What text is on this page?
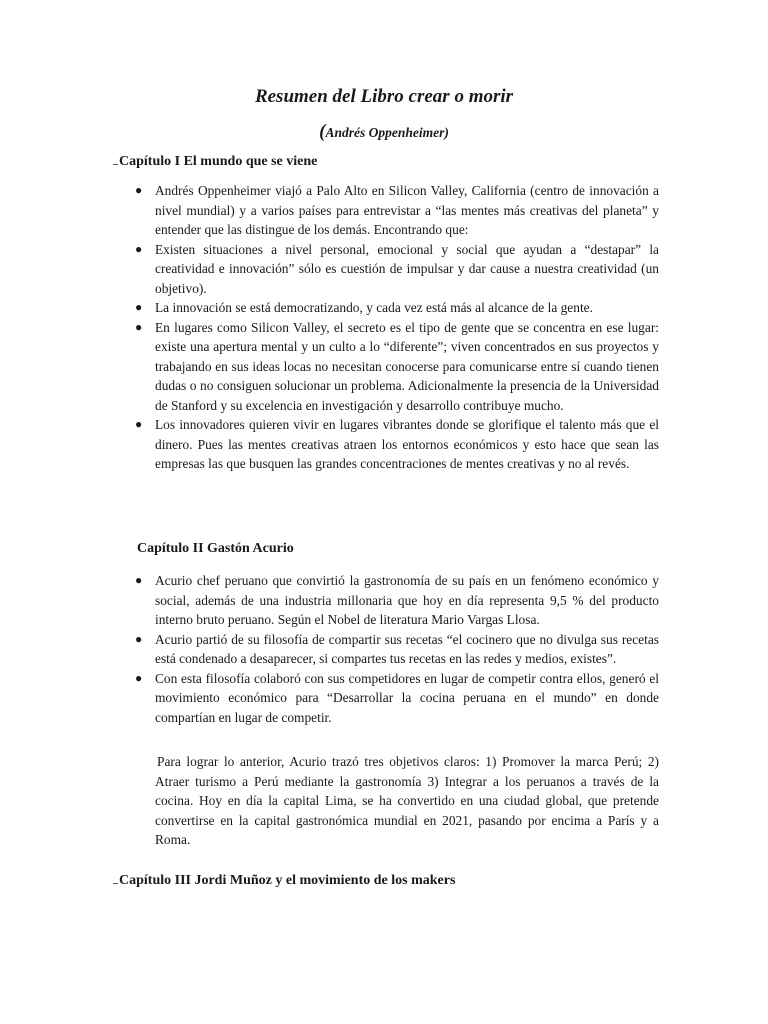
Resumen del Libro crear o morir
(Andrés Oppenheimer)
Capítulo I El mundo que se viene
● Andrés Oppenheimer viajó a Palo Alto en Silicon Valley, California (centro de innovación a nivel mundial) y a varios países para entrevistar a “las mentes más creativas del planeta” y entender que las distingue de los demás. Encontrando que:
● Existen situaciones a nivel personal, emocional y social que ayudan a “destapar” la creatividad e innovación” sólo es cuestión de impulsar y dar cause a nuestra creatividad (un objetivo).
● La innovación se está democratizando, y cada vez está más al alcance de la gente.
● En lugares como Silicon Valley, el secreto es el tipo de gente que se concentra en ese lugar: existe una apertura mental y un culto a lo “diferente”; viven concentrados en sus proyectos y trabajando en sus ideas locas no necesitan conocerse para comunicarse entre sí cuando tienen dudas o no consiguen solucionar un problema. Adicionalmente la presencia de la Universidad de Stanford y su excelencia en investigación y desarrollo contribuye mucho.
● Los innovadores quieren vivir en lugares vibrantes donde se glorifique el talento más que el dinero. Pues las mentes creativas atraen los entornos económicos y esto hace que sean las empresas las que busquen las grandes concentraciones de mentes creativas y no al revés.
Capítulo II Gastón Acurio
● Acurio chef peruano que convirtió la gastronomía de su país en un fenómeno económico y social, además de una industria millonaria que hoy en día representa 9,5 % del producto interno bruto peruano. Según el Nobel de literatura Mario Vargas Llosa.
● Acurio partió de su filosofía de compartir sus recetas “el cocinero que no divulga sus recetas está condenado a desaparecer, si compartes tus recetas en las redes y medios, existes”.
● Con esta filosofía colaboró con sus competidores en lugar de competir contra ellos, generó el movimiento económico para “Desarrollar la cocina peruana en el mundo” en donde compartían en lugar de competir.
Para lograr lo anterior, Acurio trazó tres objetivos claros: 1) Promover la marca Perú; 2) Atraer turismo a Perú mediante la gastronomía 3) Integrar a los peruanos a través de la cocina. Hoy en día la capital Lima, se ha convertido en una ciudad global, que pretende convertirse en la capital gastronómica mundial en 2021, pasando por encima a París y a Roma.
Capítulo III Jordi Muñoz y el movimiento de los makers
